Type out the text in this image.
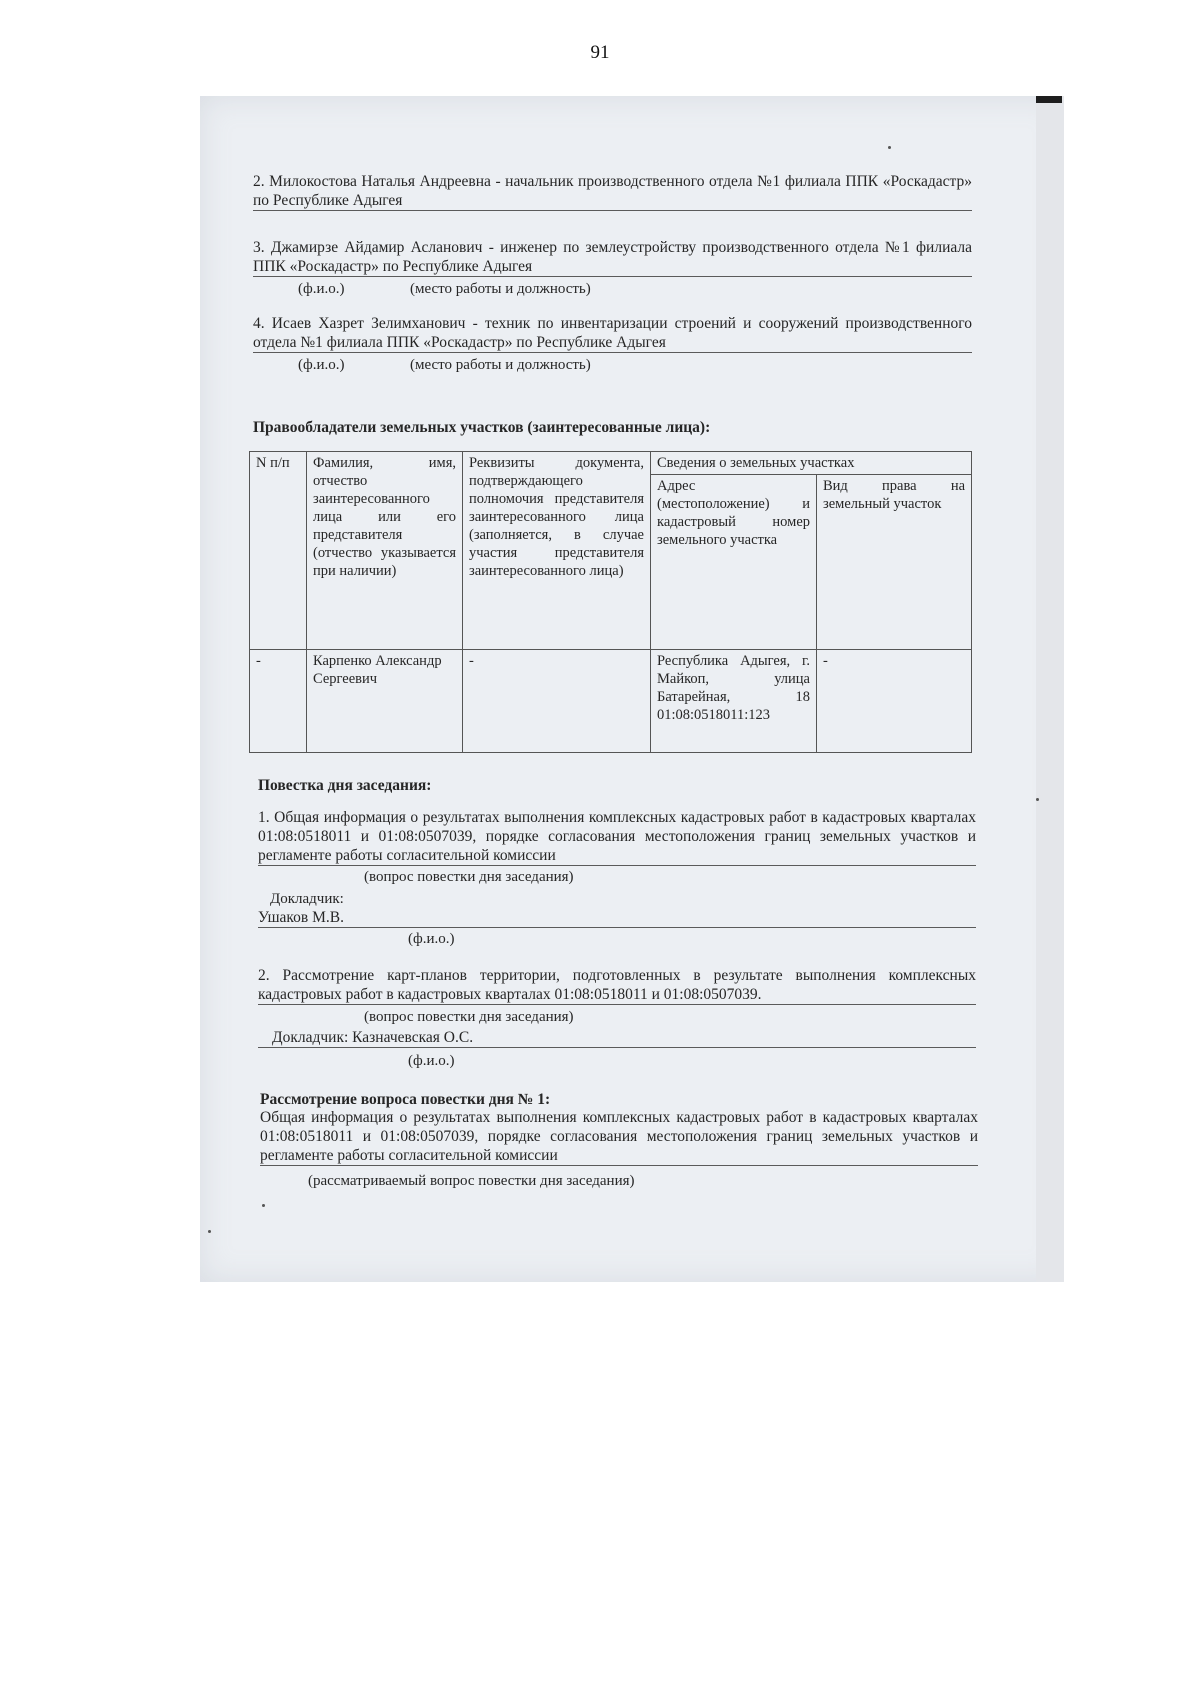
91
2. Милокостова Наталья Андреевна - начальник производственного отдела №1 филиала ППК «Роскадастр» по Республике Адыгея
3. Джамирзе Айдамир Асланович - инженер по землеустройству производственного отдела №1 филиала ППК «Роскадастр» по Республике Адыгея
(ф.и.о.)	(место работы и должность)
4. Исаев Хазрет Зелимханович - техник по инвентаризации строений и сооружений производственного отдела №1 филиала ППК «Роскадастр» по Республике Адыгея
(ф.и.о.)	(место работы и должность)
Правообладатели земельных участков (заинтересованные лица):
N п/п	Фамилия, имя, отчество заинтересованного лица или его представителя (отчество указывается при наличии)	Реквизиты документа, подтверждающего полномочия представителя заинтересованного лица (заполняется, в случае участия представителя заинтересованного лица)	Сведения о земельных участках	
			Адрес (местоположение) и кадастровый номер земельного участка	Вид права на земельный участок
-	Карпенко Александр Сергеевич	-	Республика Адыгея, г. Майкоп, улица Батарейная, 18 01:08:0518011:123	-
Повестка дня заседания:
1. Общая информация о результатах выполнения комплексных кадастровых работ в кадастровых кварталах 01:08:0518011 и 01:08:0507039, порядке согласования местоположения границ земельных участков и регламенте работы согласительной комиссии
(вопрос повестки дня заседания)
Докладчик:
Ушаков М.В.
(ф.и.о.)
2. Рассмотрение карт-планов территории, подготовленных в результате выполнения комплексных кадастровых работ в кадастровых кварталах 01:08:0518011 и 01:08:0507039.
(вопрос повестки дня заседания)
Докладчик: Казначевская О.С.
(ф.и.о.)
Рассмотрение вопроса повестки дня № 1:
Общая информация о результатах выполнения комплексных кадастровых работ в кадастровых кварталах 01:08:0518011 и 01:08:0507039, порядке согласования местоположения границ земельных участков и регламенте работы согласительной комиссии
(рассматриваемый вопрос повестки дня заседания)
